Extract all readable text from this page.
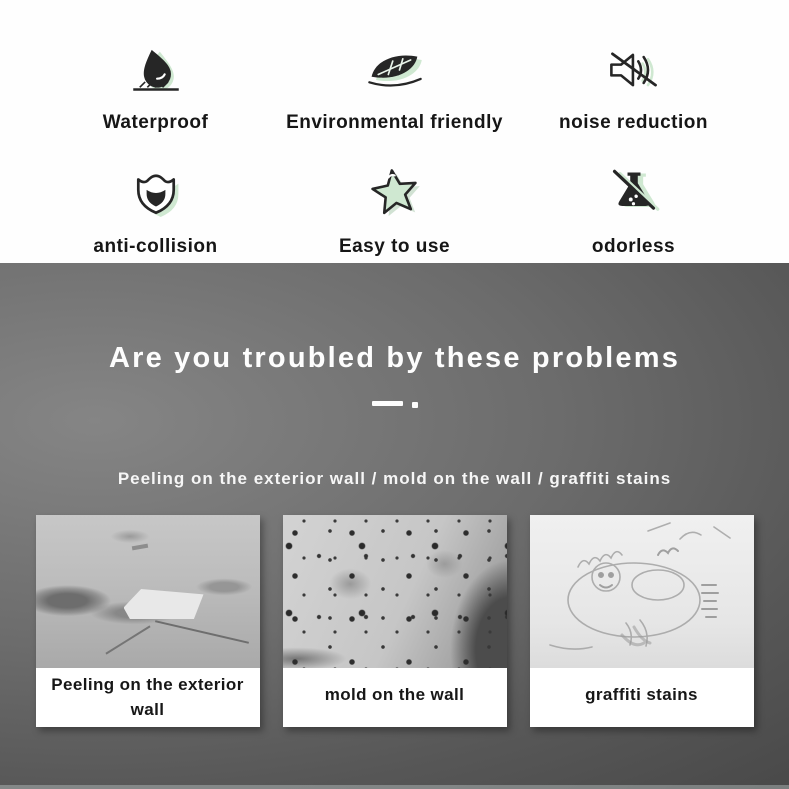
Waterproof	Environmental friendly	noise reduction
anti-collision	Easy to use	odorless
Are you troubled by these problems
Peeling on the exterior wall / mold on the wall / graffiti stains
Peeling on the exterior wall
mold on the wall	graffiti stains
